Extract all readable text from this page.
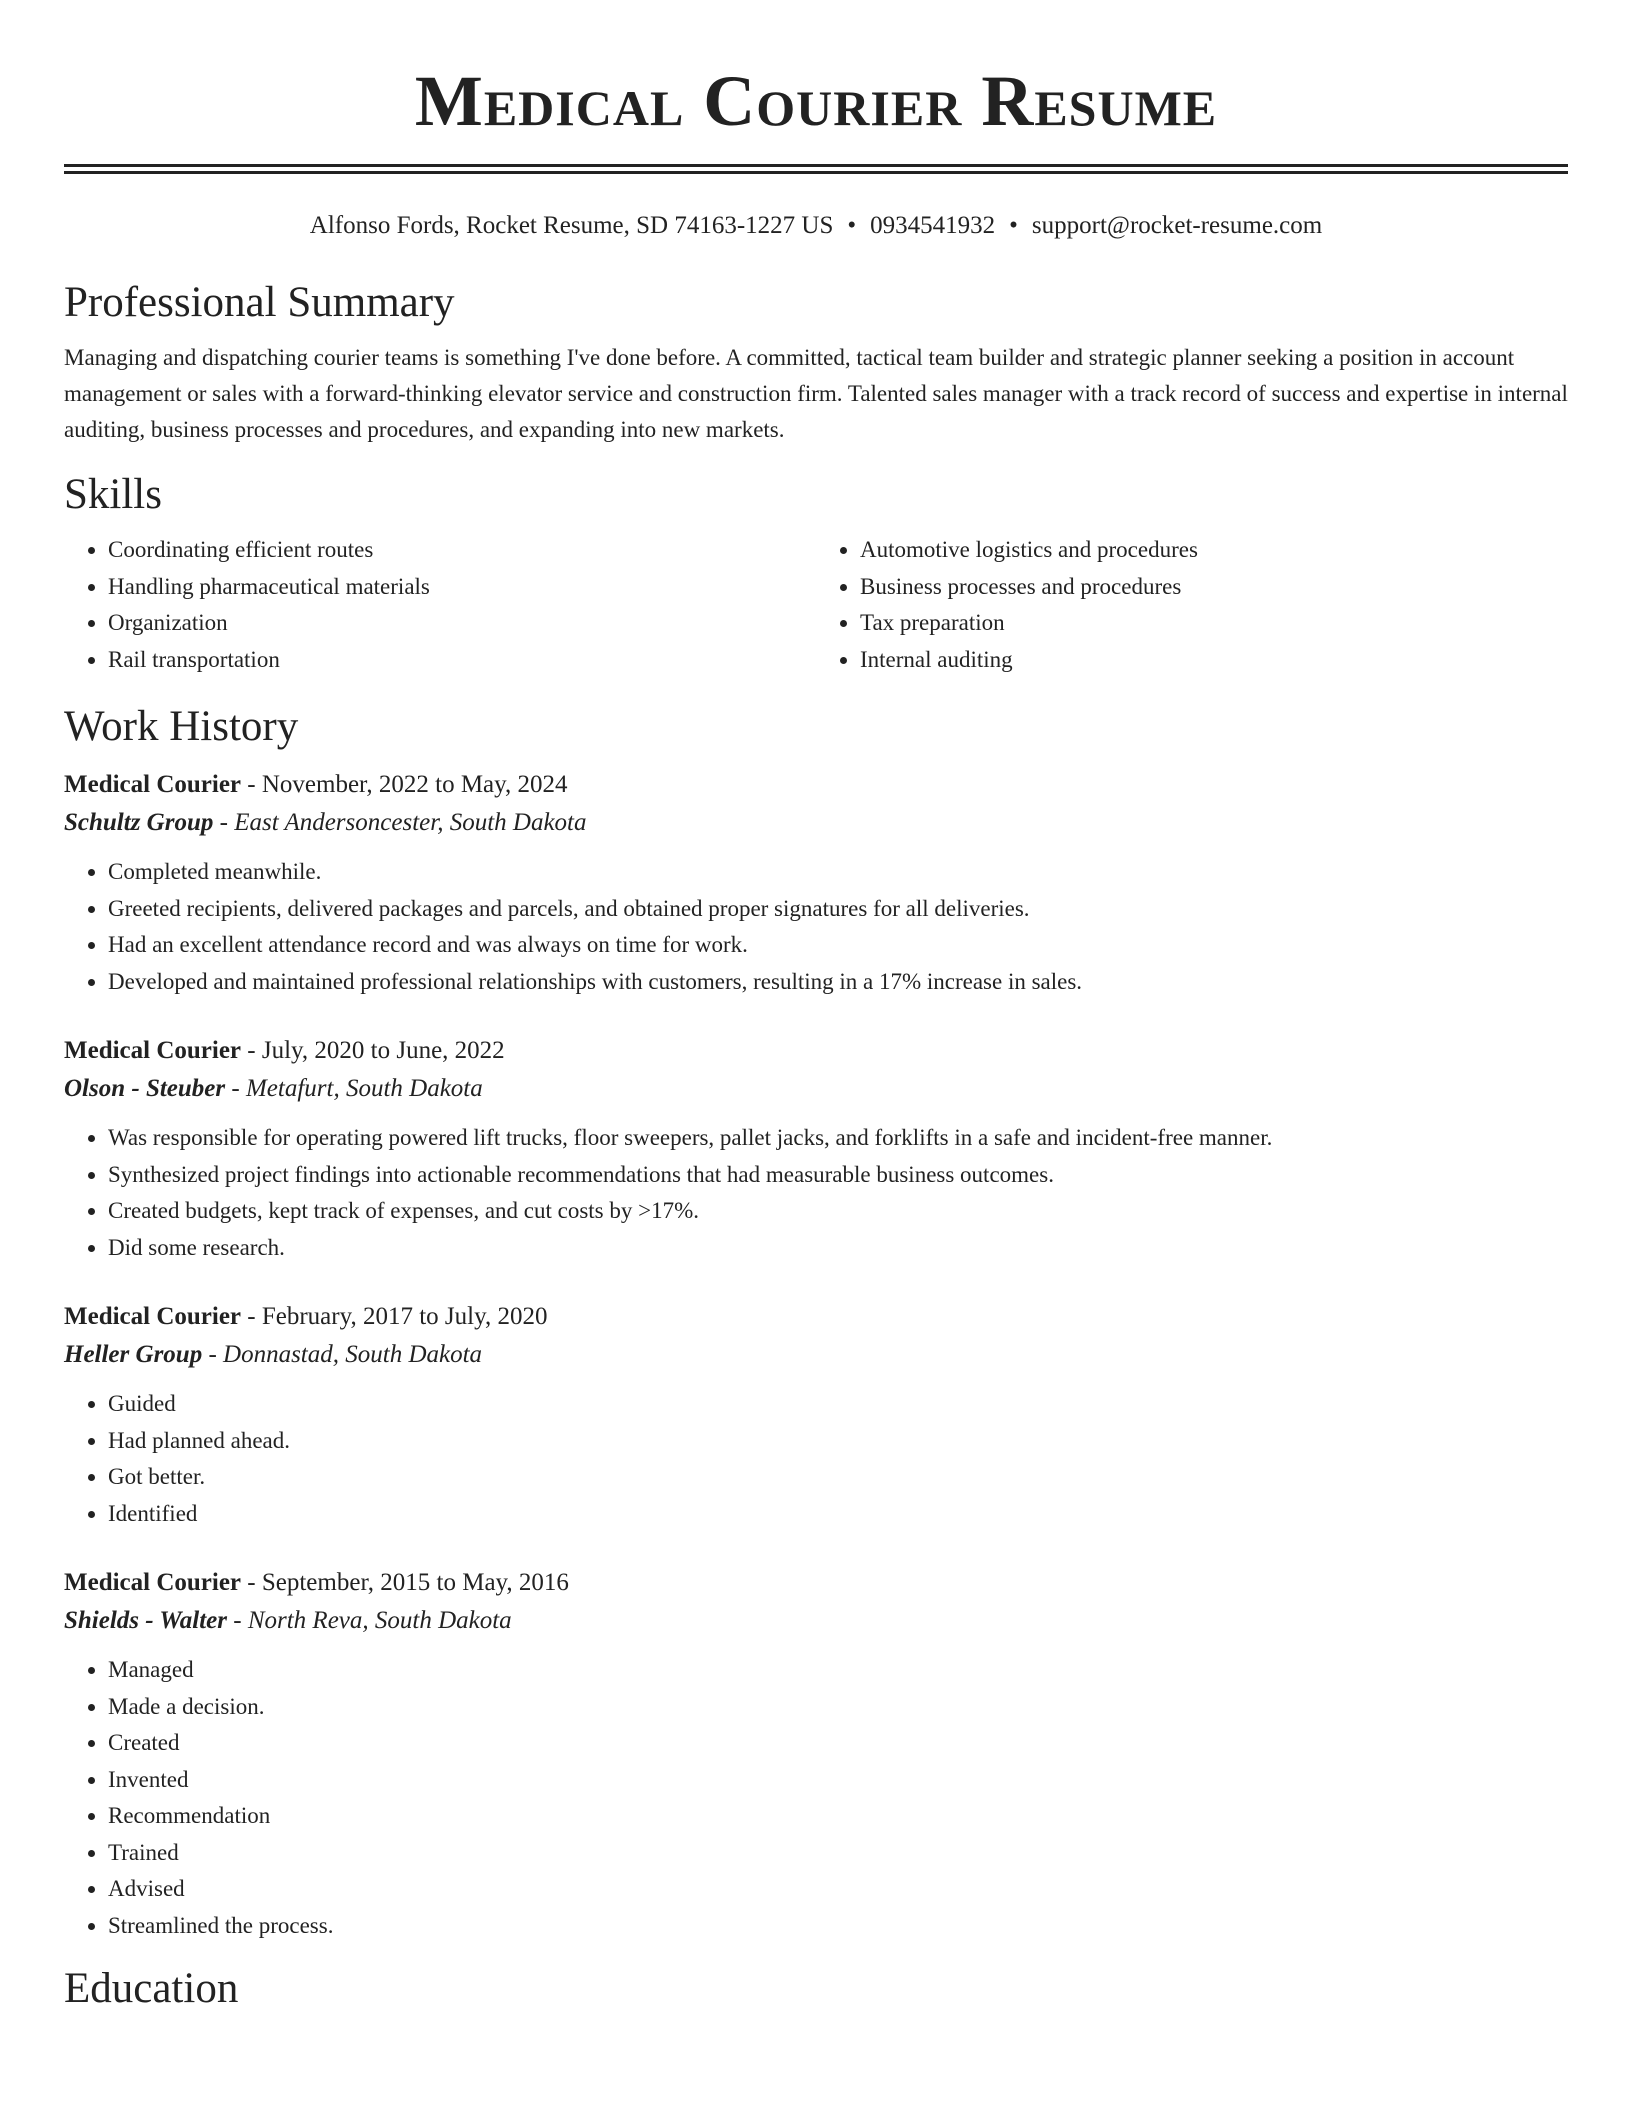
Medical Courier Resume
Alfonso Fords, Rocket Resume, SD 74163-1227 US • 0934541932 • support@rocket-resume.com
Professional Summary

Managing and dispatching courier teams is something I've done before. A committed, tactical team builder and strategic planner seeking a position in account management or sales with a forward-thinking elevator service and construction firm. Talented sales manager with a track record of success and expertise in internal auditing, business processes and procedures, and expanding into new markets.

Skills
• Coordinating efficient routes
• Handling pharmaceutical materials
• Organization
• Rail transportation
• Automotive logistics and procedures
• Business processes and procedures
• Tax preparation
• Internal auditing
Work History
Medical Courier - November, 2022 to May, 2024
Schultz Group - East Andersoncester, South Dakota
• Completed meanwhile.
• Greeted recipients, delivered packages and parcels, and obtained proper signatures for all deliveries.
• Had an excellent attendance record and was always on time for work.
• Developed and maintained professional relationships with customers, resulting in a 17% increase in sales.
Medical Courier - July, 2020 to June, 2022
Olson - Steuber - Metafurt, South Dakota
• Was responsible for operating powered lift trucks, floor sweepers, pallet jacks, and forklifts in a safe and incident-free manner.
• Synthesized project findings into actionable recommendations that had measurable business outcomes.
• Created budgets, kept track of expenses, and cut costs by >17%.
• Did some research.
Medical Courier - February, 2017 to July, 2020
Heller Group - Donnastad, South Dakota
• Guided
• Had planned ahead.
• Got better.
• Identified
Medical Courier - September, 2015 to May, 2016
Shields - Walter - North Reva, South Dakota
• Managed
• Made a decision.
• Created
• Invented
• Recommendation
• Trained
• Advised
• Streamlined the process.
Education
